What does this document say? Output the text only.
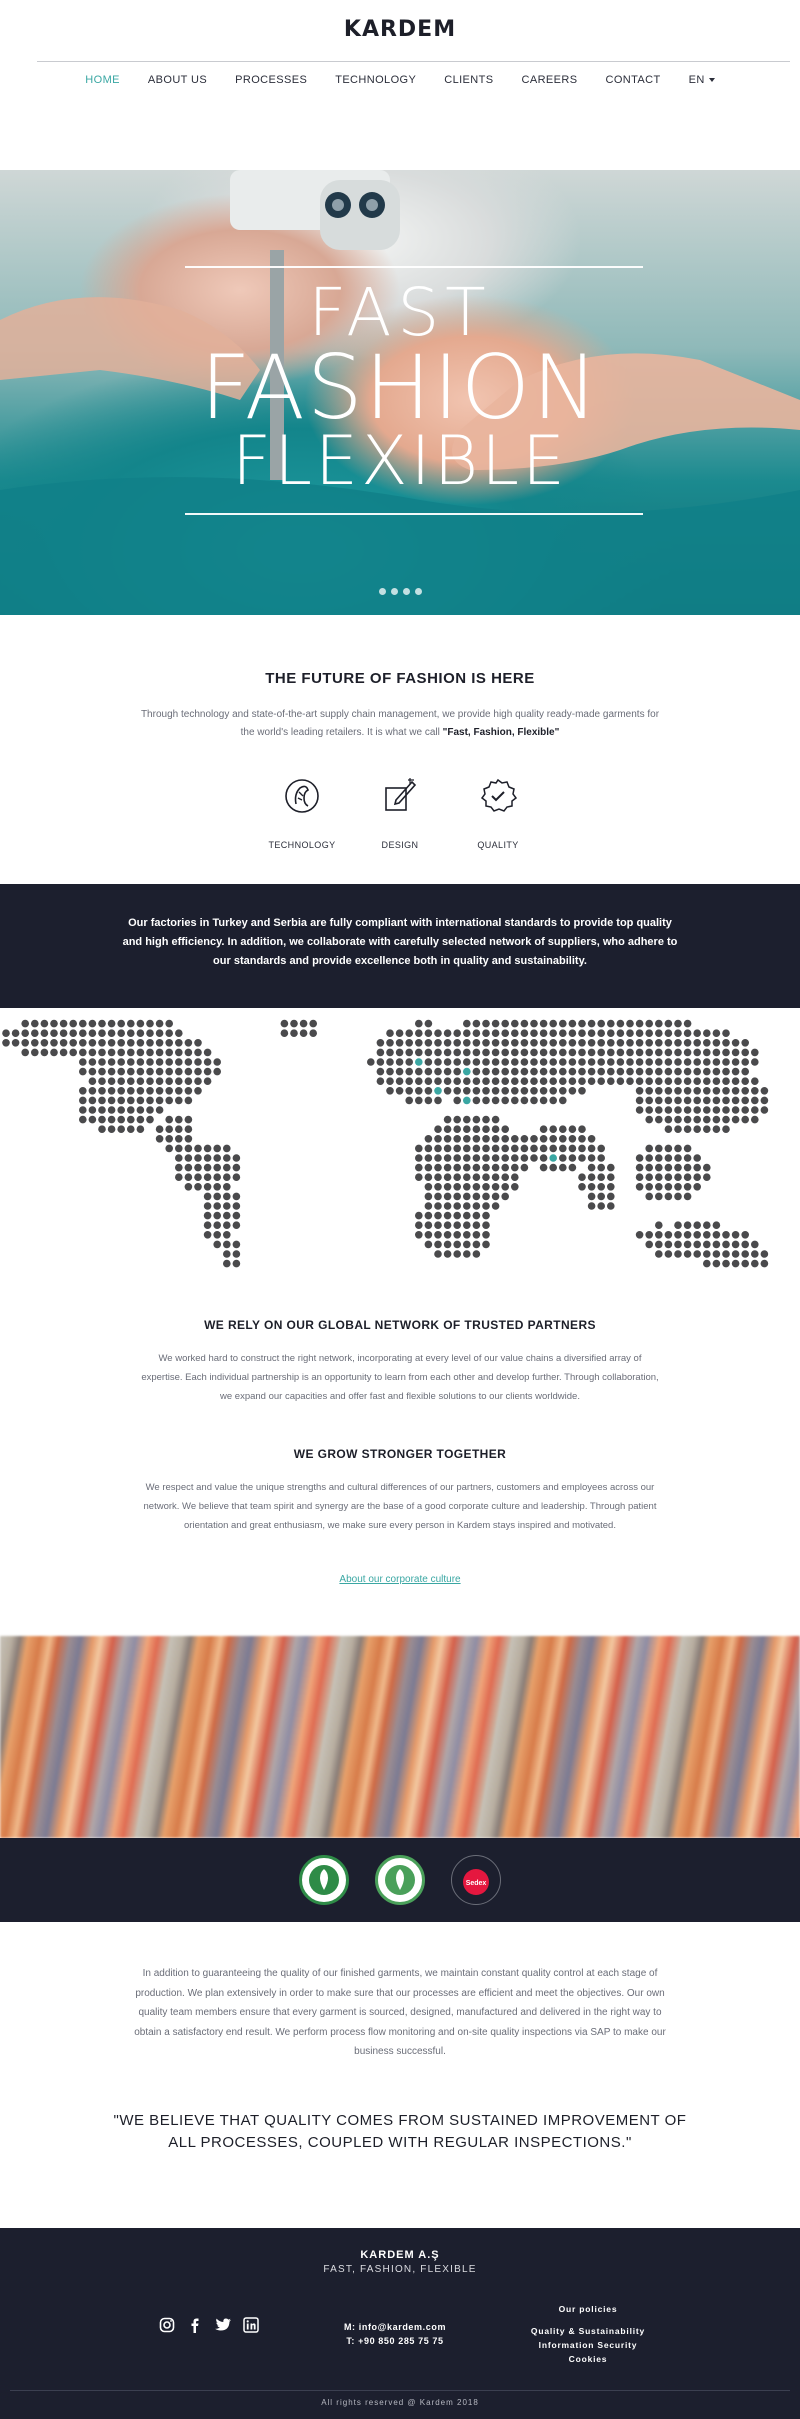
KARDEM
HOME	ABOUT US	PROCESSES	TECHNOLOGY	CLIENTS	CAREERS	CONTACT	EN
FAST
FASHION
FLEXIBLE
THE FUTURE OF FASHION IS HERE

Through technology and state-of-the-art supply chain management, we provide high quality ready-made garments for the world's leading retailers. It is what we call "Fast, Fashion, Flexible"

TECHNOLOGY	DESIGN	QUALITY

Our factories in Turkey and Serbia are fully compliant with international standards to provide top quality and high efficiency. In addition, we collaborate with carefully selected network of suppliers, who adhere to our standards and provide excellence both in quality and sustainability.

WE RELY ON OUR GLOBAL NETWORK OF TRUSTED PARTNERS

We worked hard to construct the right network, incorporating at every level of our value chains a diversified array of expertise. Each individual partnership is an opportunity to learn from each other and develop further. Through collaboration, we expand our capacities and offer fast and flexible solutions to our clients worldwide.

WE GROW STRONGER TOGETHER

We respect and value the unique strengths and cultural differences of our partners, customers and employees across our network. We believe that team spirit and synergy are the base of a good corporate culture and leadership. Through patient orientation and great enthusiasm, we make sure every person in Kardem stays inspired and motivated.

About our corporate culture
Sedex

In addition to guaranteeing the quality of our finished garments, we maintain constant quality control at each stage of production. We plan extensively in order to make sure that our processes are efficient and meet the objectives. Our own quality team members ensure that every garment is sourced, designed, manufactured and delivered in the right way to obtain a satisfactory end result. We perform process flow monitoring and on-site quality inspections via SAP to make our business successful.

"WE BELIEVE THAT QUALITY COMES FROM SUSTAINED IMPROVEMENT OF ALL PROCESSES, COUPLED WITH REGULAR INSPECTIONS."
KARDEM A.Ş
FAST, FASHION, FLEXIBLE
M: info@kardem.com
T: +90 850 285 75 75
Our policies
Quality & Sustainability
Information Security
Cookies
All rights reserved @ Kardem 2018
